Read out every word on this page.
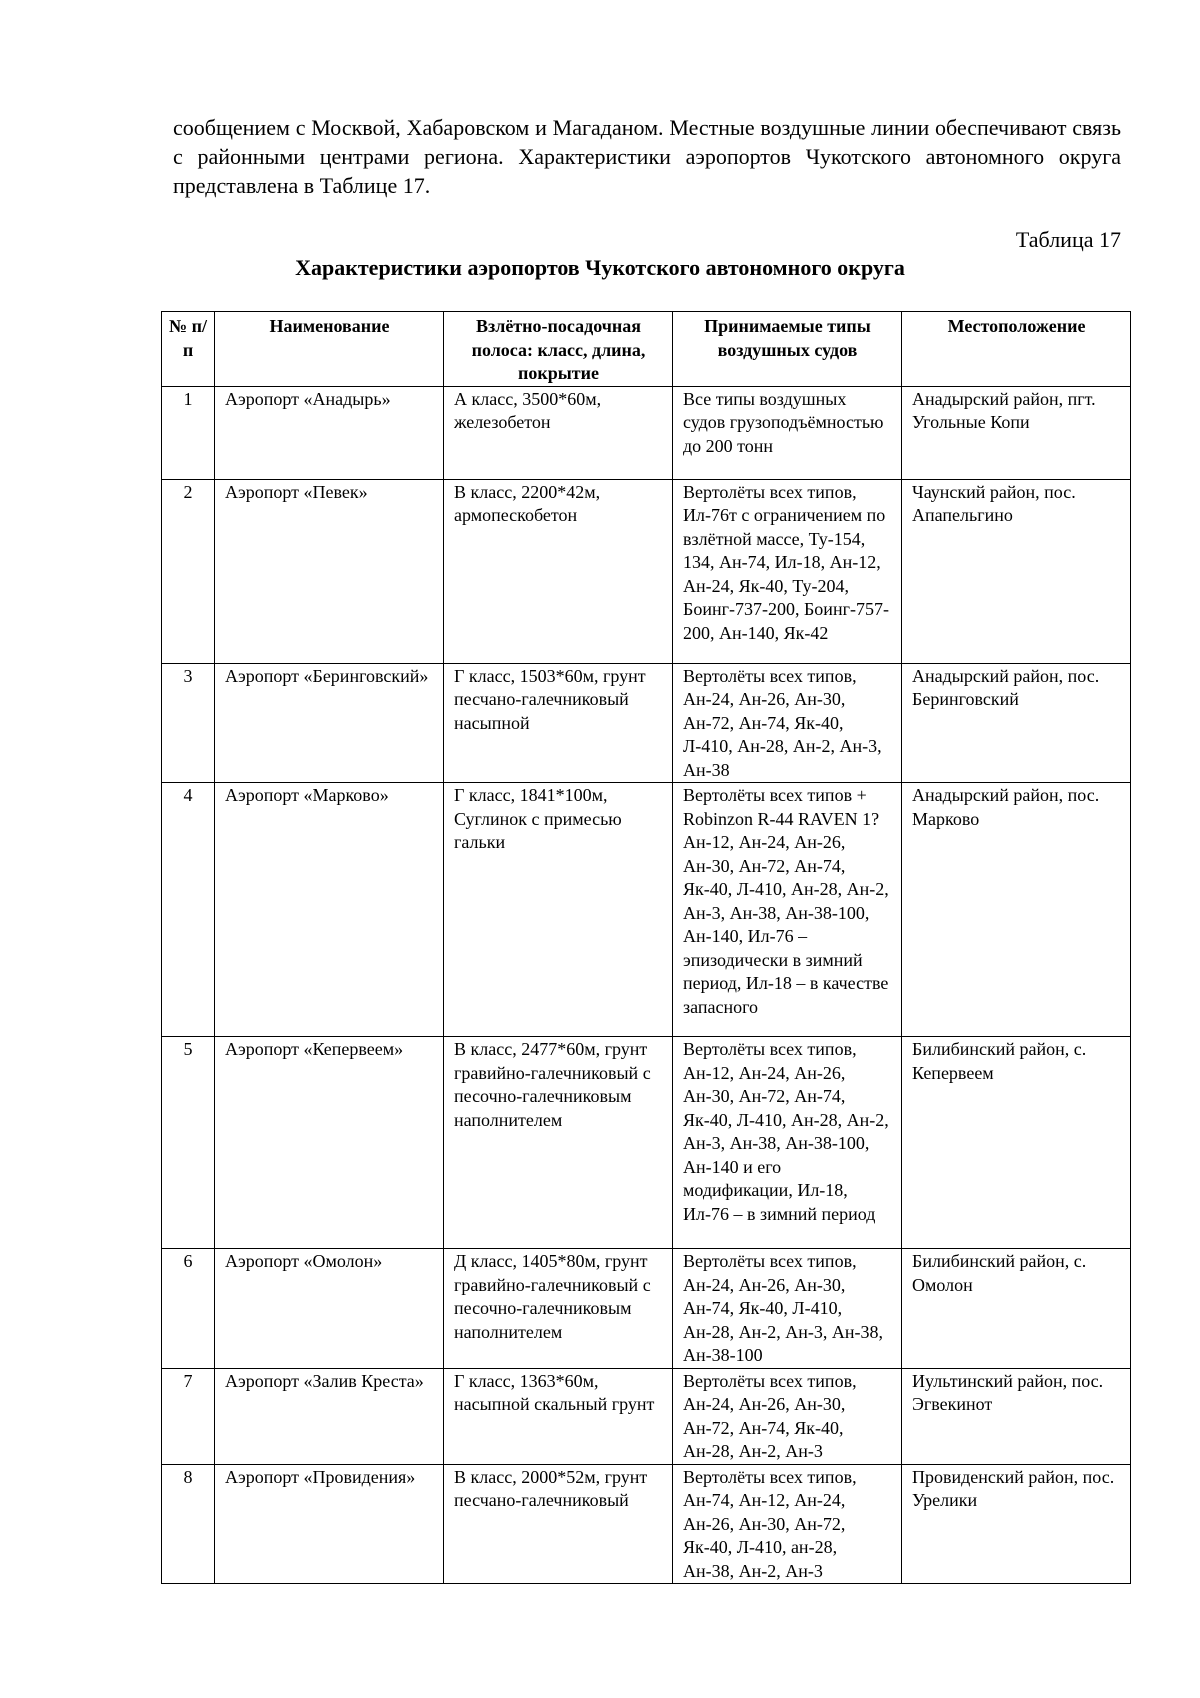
сообщением с Москвой, Хабаровском и Магаданом. Местные воздушные линии обеспечивают связь с районными центрами региона. Характеристики аэропортов Чукотского автономного округа представлена в Таблице 17.
Таблица 17
Характеристики аэропортов Чукотского автономного округа
№ п/п	Наименование	Взлётно-посадочная полоса: класс, длина, покрытие	Принимаемые типы воздушных судов	Местоположение
1	Аэропорт «Анадырь»	А класс, 3500*60м, железобетон	Все типы воздушных судов грузоподъёмностью до 200 тонн	Анадырский район, пгт. Угольные Копи
2	Аэропорт «Певек»	В класс, 2200*42м, армопескобетон	Вертолёты всех типов, Ил-76т с ограничением по взлётной массе, Ту-154, 134, Ан-74, Ил-18, Ан-12, Ан-24, Як-40, Ту-204, Боинг-737-200, Боинг-757-200, Ан-140, Як-42	Чаунский район, пос. Апапельгино
3	Аэропорт «Беринговский»	Г класс, 1503*60м, грунт песчано-галечниковый насыпной	Вертолёты всех типов, Ан-24, Ан-26, Ан-30, Ан-72, Ан-74, Як-40, Л-410, Ан-28, Ан-2, Ан-3, Ан-38	Анадырский район, пос. Беринговский
4	Аэропорт «Марково»	Г класс, 1841*100м, Суглинок с примесью гальки	Вертолёты всех типов + Robinzon R-44 RAVEN 1? Ан-12, Ан-24, Ан-26, Ан-30, Ан-72, Ан-74, Як-40, Л-410, Ан-28, Ан-2, Ан-3, Ан-38, Ан-38-100, Ан-140, Ил-76 – эпизодически в зимний период, Ил-18 – в качестве запасного	Анадырский район, пос. Марково
5	Аэропорт «Кепервеем»	В класс, 2477*60м, грунт гравийно-галечниковый с песочно-галечниковым наполнителем	Вертолёты всех типов, Ан-12, Ан-24, Ан-26, Ан-30, Ан-72, Ан-74, Як-40, Л-410, Ан-28, Ан-2, Ан-3, Ан-38, Ан-38-100, Ан-140 и его модификации, Ил-18, Ил-76 – в зимний период	Билибинский район, с. Кепервеем
6	Аэропорт «Омолон»	Д класс, 1405*80м, грунт гравийно-галечниковый с песочно-галечниковым наполнителем	Вертолёты всех типов, Ан-24, Ан-26, Ан-30, Ан-74, Як-40, Л-410, Ан-28, Ан-2, Ан-3, Ан-38, Ан-38-100	Билибинский район, с. Омолон
7	Аэропорт «Залив Креста»	Г класс, 1363*60м, насыпной скальный грунт	Вертолёты всех типов, Ан-24, Ан-26, Ан-30, Ан-72, Ан-74, Як-40, Ан-28, Ан-2, Ан-3	Иультинский район, пос. Эгвекинот
8	Аэропорт «Провидения»	В класс, 2000*52м, грунт песчано-галечниковый	Вертолёты всех типов, Ан-74, Ан-12, Ан-24, Ан-26, Ан-30, Ан-72, Як-40, Л-410, ан-28, Ан-38, Ан-2, Ан-3	Провиденский район, пос. Урелики
